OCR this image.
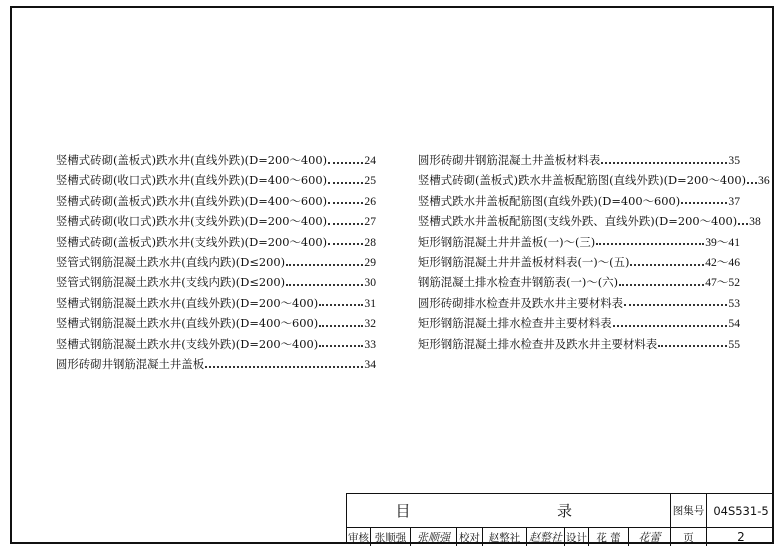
竖槽式砖砌(盖板式)跌水井(直线外跌)(D=200～400)	24
竖槽式砖砌(收口式)跌水井(直线外跌)(D=400～600)	25
竖槽式砖砌(盖板式)跌水井(直线外跌)(D=400～600)	26
竖槽式砖砌(收口式)跌水井(支线外跌)(D=200～400)	27
竖槽式砖砌(盖板式)跌水井(支线外跌)(D=200～400)	28
竖管式钢筋混凝土跌水井(直线内跌)(D≤200)	29
竖管式钢筋混凝土跌水井(支线内跌)(D≤200)	30
竖槽式钢筋混凝土跌水井(直线外跌)(D=200～400)	31
竖槽式钢筋混凝土跌水井(直线外跌)(D=400～600)	32
竖槽式钢筋混凝土跌水井(支线外跌)(D=200～400)	33
圆形砖砌井钢筋混凝土井盖板	34
圆形砖砌井钢筋混凝土井盖板材料表	35
竖槽式砖砌(盖板式)跌水井盖板配筋图(直线外跌)(D=200～400) 36
竖槽式跌水井盖板配筋图(直线外跌)(D=400～600)	37
竖槽式跌水井盖板配筋图(支线外跌、直线外跌)(D=200～400) 38
矩形钢筋混凝土井井盖板(一)～(三)	39～41
矩形钢筋混凝土井井盖板材料表(一)～(五)	42～46
钢筋混凝土排水检查井钢筋表(一)～(六)	47～52
圆形砖砌排水检查井及跌水井主要材料表	53
矩形钢筋混凝土排水检查井主要材料表	54
矩形钢筋混凝土排水检查井及跌水井主要材料表	55
目	录	图集号 04S531-5
审核 张顺强 张顺强 校对 赵整社 赵整社 设计 花 蕾	花蕾	页	2
